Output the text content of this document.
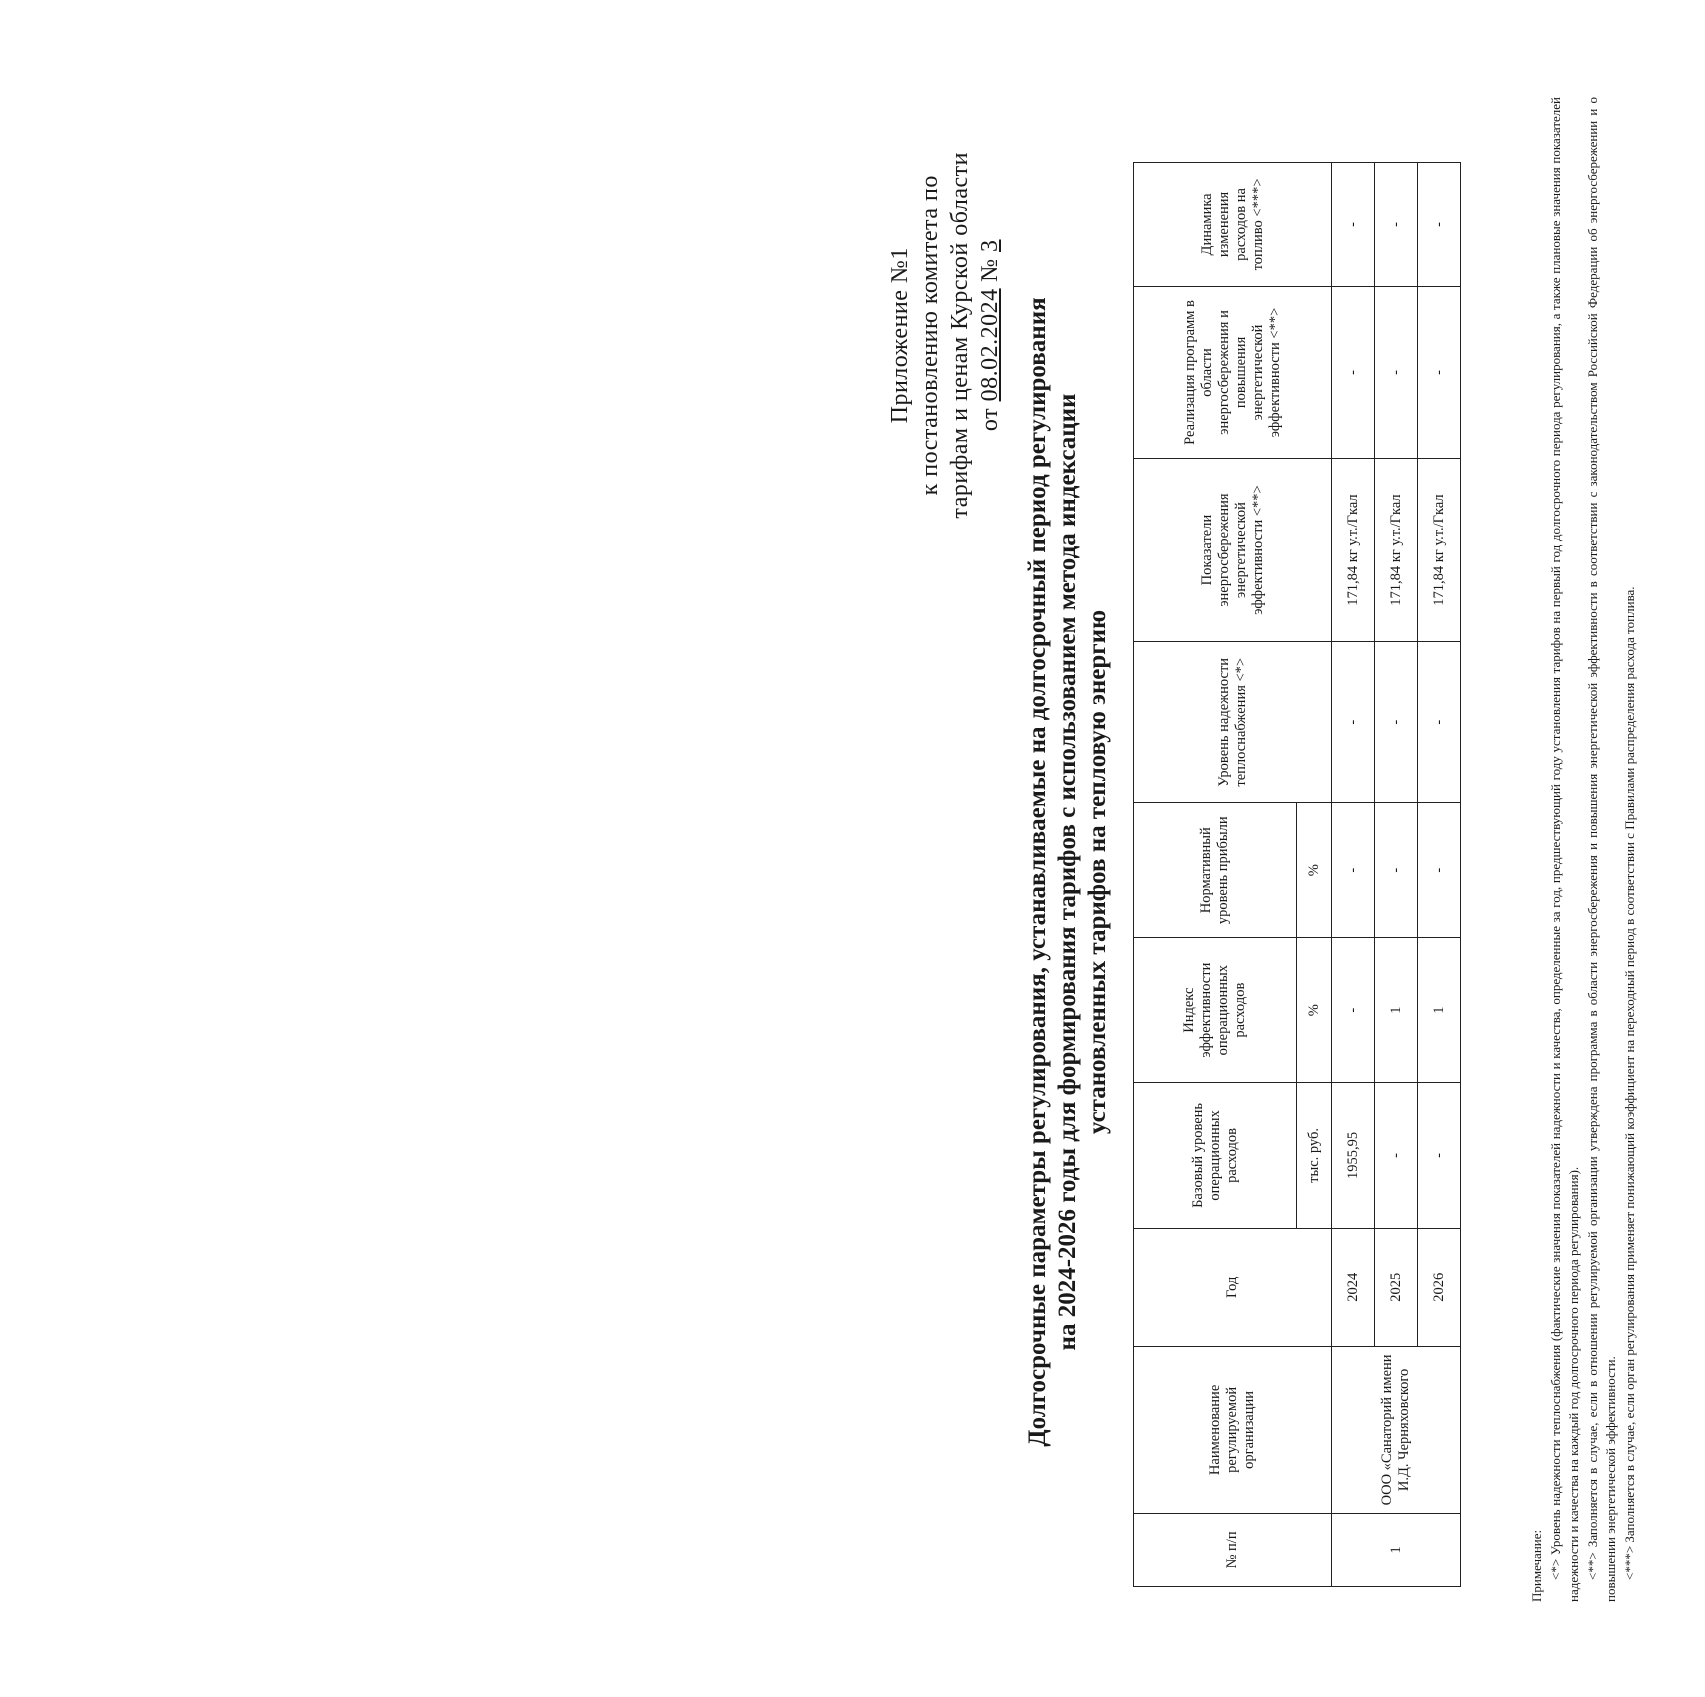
Приложение №1 к постановлению комитета по тарифам и ценам Курской области от 08.02.2024 № 3
Долгосрочные параметры регулирования, устанавливаемые на долгосрочный период регулирования на 2024-2026 годы для формирования тарифов с использованием метода индексации установленных тарифов на тепловую энергию
№ п/п	Наименование регулируемой организации	Год	Базовый уровень операционных расходов	Индекс эффективности операционных расходов	Нормативный уровень прибыли	Уровень надежности теплоснабжения <*>	Показатели энергосбережения энергетической эффективности <**>	Реализация программ в области энергосбережения и повышения энергетической эффективности <**>	Динамика изменения расходов на топливо <***>
			тыс. руб.	%	%				
1	ООО «Санаторий имени И.Д. Черняховского	2024	1955,95	-	-	-	171,84 кг у.т./Гкал	-	-
		2025	-	1	-	-	171,84 кг у.т./Гкал	-	-
		2026	-	1	-	-	171,84 кг у.т./Гкал	-	-

Примечание: <*> Уровень надежности теплоснабжения (фактические значения показателей надежности и качества, определенные за год, предшествующий году установления тарифов на первый год долгосрочного периода регулирования, а также плановые значения показателей надежности и качества на каждый год долгосрочного периода регулирования). <**> Заполняется в случае, если в отношении регулируемой организации утверждена программа в области энергосбережения и повышения энергетической эффективности в соответствии с законодательством Российской Федерации об энергосбережении и о повышении энергетической эффективности. <***> Заполняется в случае, если орган регулирования применяет понижающий коэффициент на переходный период в соответствии с Правилами распределения расхода топлива.
